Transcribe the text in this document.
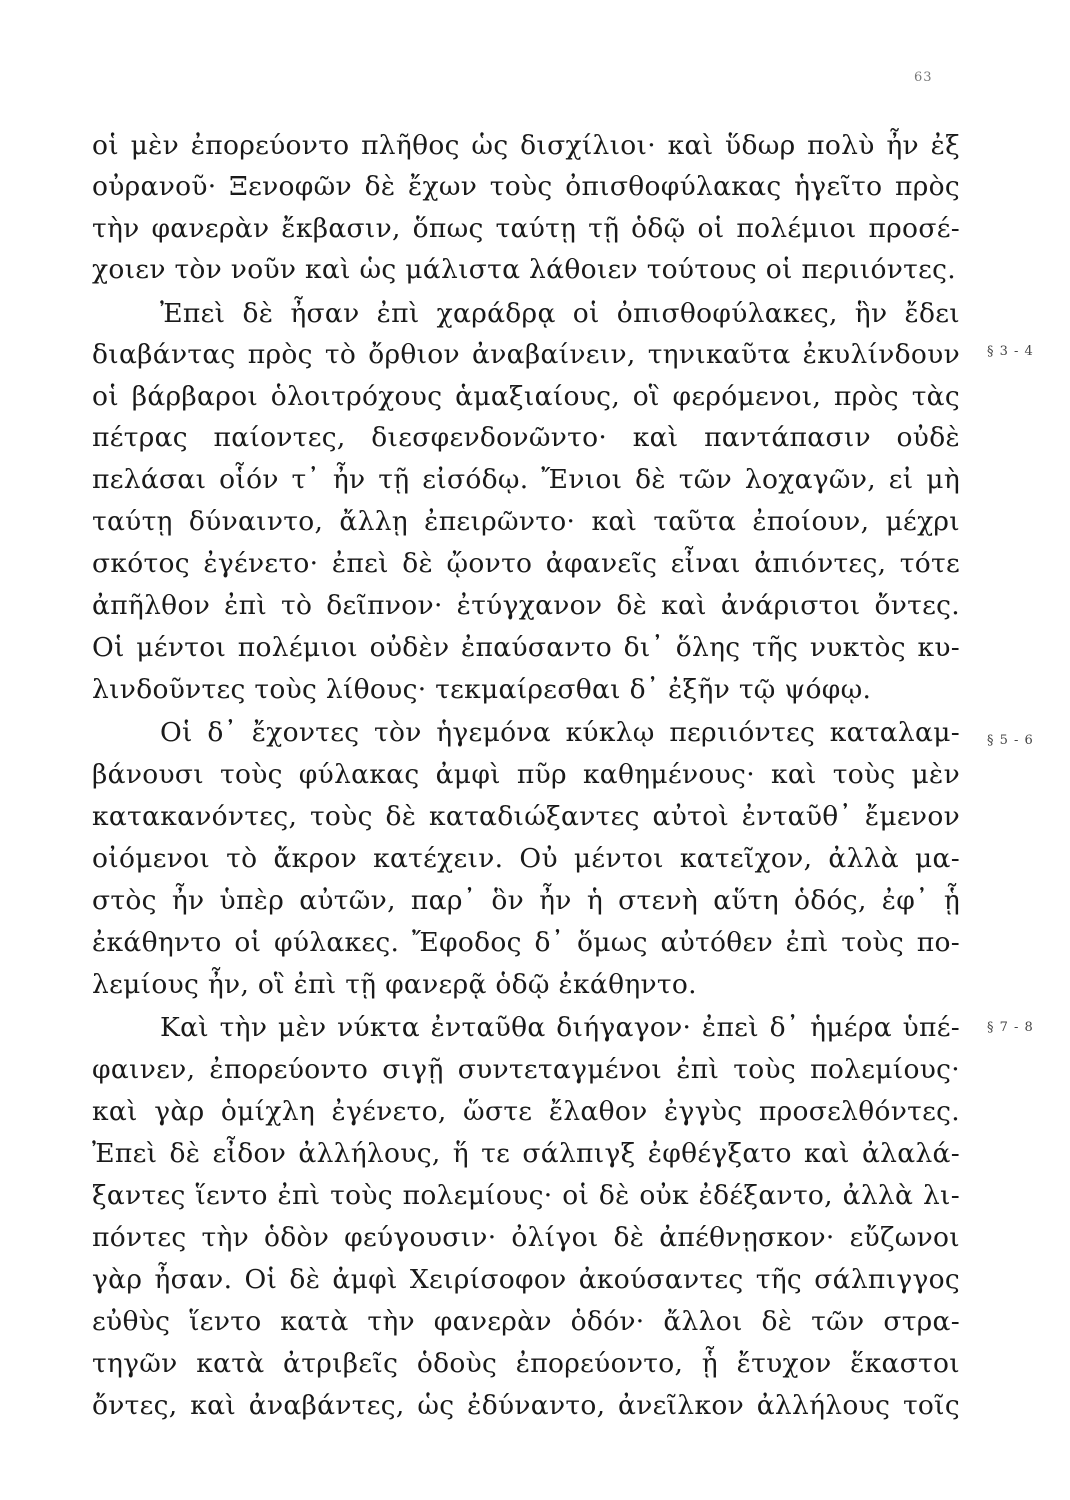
63
οἱ μὲν ἐπορεύοντο πλῆθος ὡς δισχίλιοι· καὶ ὕδωρ πολὺ ἦν ἐξ
οὐρανοῦ· Ξενοφῶν δὲ ἔχων τοὺς ὀπισθοφύλακας ἡγεῖτο πρὸς
τὴν φανερὰν ἔκβασιν, ὅπως ταύτῃ τῇ ὁδῷ οἱ πολέμιοι προσέ-
χοιεν τὸν νοῦν καὶ ὡς μάλιστα λάθοιεν τούτους οἱ περιιόντες.
Ἐπεὶ δὲ ἦσαν ἐπὶ χαράδρᾳ οἱ ὀπισθοφύλακες, ἣν ἔδει
διαβάντας πρὸς τὸ ὄρθιον ἀναβαίνειν, τηνικαῦτα ἐκυλίνδουν
οἱ βάρβαροι ὁλοιτρόχους ἁμαξιαίους, οἳ φερόμενοι, πρὸς τὰς
πέτρας παίοντες, διεσφενδονῶντο· καὶ παντάπασιν οὐδὲ
πελάσαι οἷόν τ᾽ ἦν τῇ εἰσόδῳ. Ἔνιοι δὲ τῶν λοχαγῶν, εἰ μὴ
ταύτῃ δύναιντο, ἄλλῃ ἐπειρῶντο· καὶ ταῦτα ἐποίουν, μέχρι
σκότος ἐγένετο· ἐπεὶ δὲ ᾤοντο ἀφανεῖς εἶναι ἀπιόντες, τότε
ἀπῆλθον ἐπὶ τὸ δεῖπνον· ἐτύγχανον δὲ καὶ ἀνάριστοι ὄντες.
Οἱ μέντοι πολέμιοι οὐδὲν ἐπαύσαντο δι᾽ ὅλης τῆς νυκτὸς κυ-
λινδοῦντες τοὺς λίθους· τεκμαίρεσθαι δ᾽ ἐξῆν τῷ ψόφῳ.
Οἱ δ᾽ ἔχοντες τὸν ἡγεμόνα κύκλῳ περιιόντες καταλαμ-
βάνουσι τοὺς φύλακας ἀμφὶ πῦρ καθημένους· καὶ τοὺς μὲν
κατακανόντες, τοὺς δὲ καταδιώξαντες αὐτοὶ ἐνταῦθ᾽ ἔμενον
οἰόμενοι τὸ ἄκρον κατέχειν. Οὐ μέντοι κατεῖχον, ἀλλὰ μα-
στὸς ἦν ὑπὲρ αὐτῶν, παρ᾽ ὃν ἦν ἡ στενὴ αὕτη ὁδός, ἐφ᾽ ᾗ
ἐκάθηντο οἱ φύλακες. Ἔφοδος δ᾽ ὅμως αὐτόθεν ἐπὶ τοὺς πο-
λεμίους ἦν, οἳ ἐπὶ τῇ φανερᾷ ὁδῷ ἐκάθηντο.
Καὶ τὴν μὲν νύκτα ἐνταῦθα διήγαγον· ἐπεὶ δ᾽ ἡμέρα ὑπέ-
φαινεν, ἐπορεύοντο σιγῇ συντεταγμένοι ἐπὶ τοὺς πολεμίους·
καὶ γὰρ ὁμίχλη ἐγένετο, ὥστε ἔλαθον ἐγγὺς προσελθόντες.
Ἐπεὶ δὲ εἶδον ἀλλήλους, ἥ τε σάλπιγξ ἐφθέγξατο καὶ ἀλαλά-
ξαντες ἵεντο ἐπὶ τοὺς πολεμίους· οἱ δὲ οὐκ ἐδέξαντο, ἀλλὰ λι-
πόντες τὴν ὁδὸν φεύγουσιν· ὀλίγοι δὲ ἀπέθνῃσκον· εὔζωνοι
γὰρ ἦσαν. Οἱ δὲ ἀμφὶ Χειρίσοφον ἀκούσαντες τῆς σάλπιγγος
εὐθὺς ἵεντο κατὰ τὴν φανερὰν ὁδόν· ἄλλοι δὲ τῶν στρα-
τηγῶν κατὰ ἀτριβεῖς ὁδοὺς ἐπορεύοντο, ᾗ ἔτυχον ἕκαστοι
ὄντες, καὶ ἀναβάντες, ὡς ἐδύναντο, ἀνεῖλκον ἀλλήλους τοῖς
§ 3 - 4
§ 5 - 6
§ 7 - 8
